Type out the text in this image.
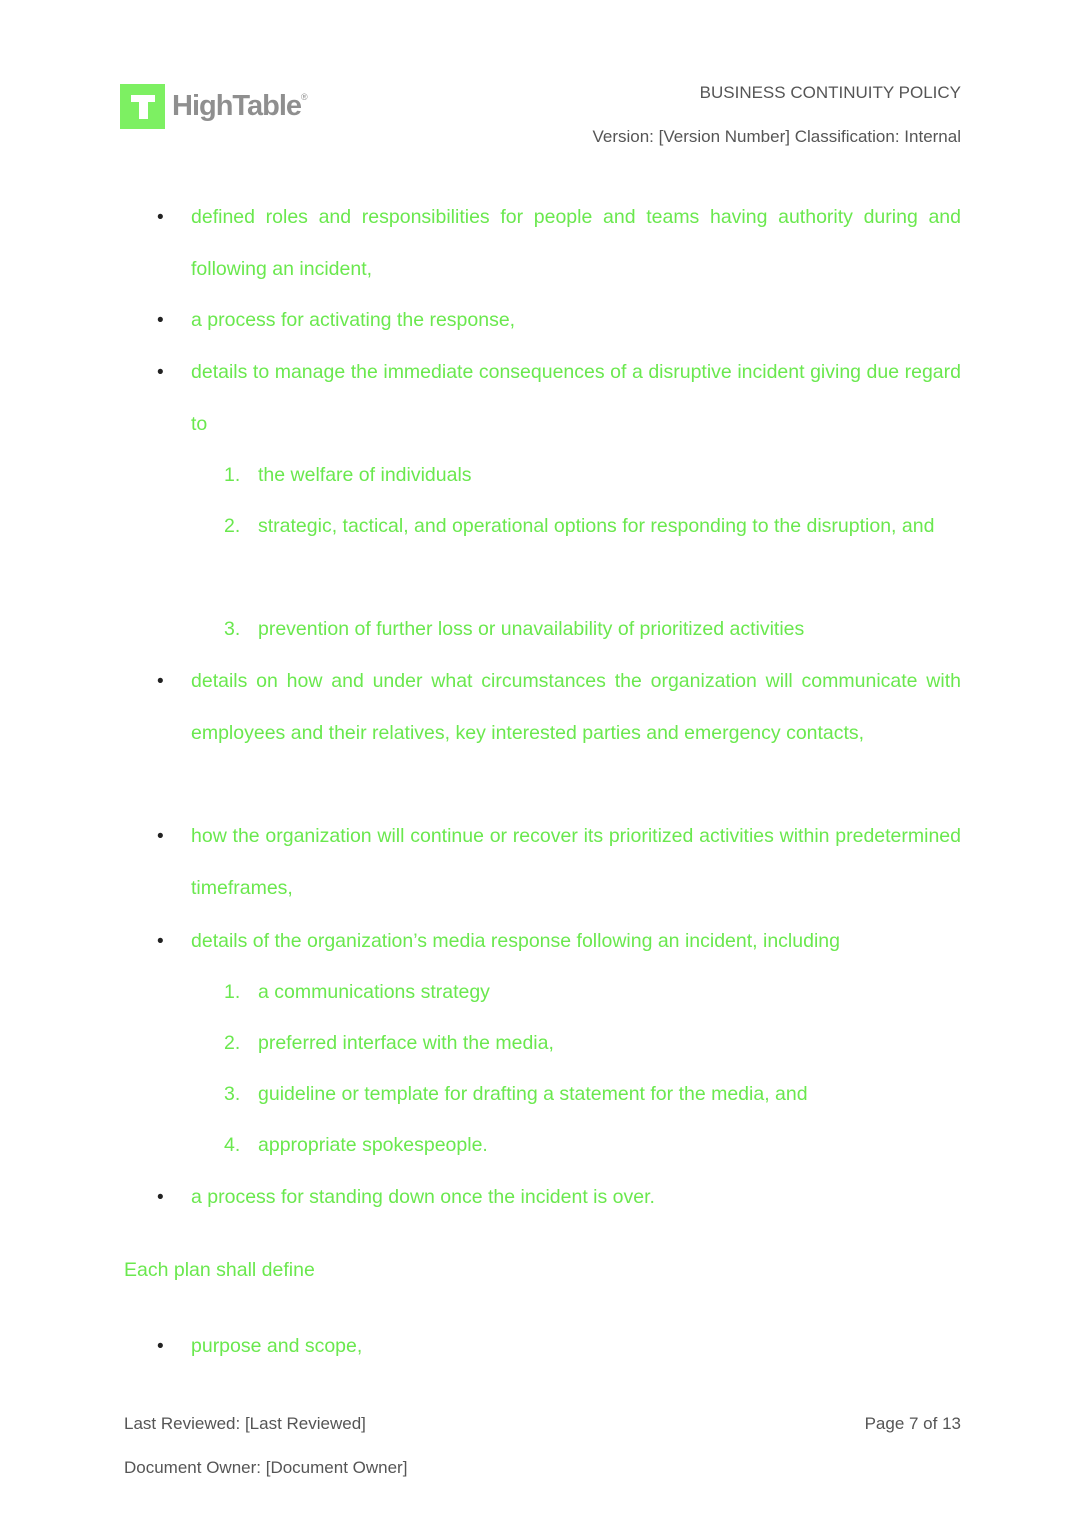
HighTable®	BUSINESS CONTINUITY POLICY
Version: [Version Number] Classification: Internal
• defined roles and responsibilities for people and teams having authority during and following an incident,
• a process for activating the response,
• details to manage the immediate consequences of a disruptive incident giving due regard to
1. the welfare of individuals
2. strategic, tactical, and operational options for responding to the disruption, and
3. prevention of further loss or unavailability of prioritized activities
• details on how and under what circumstances the organization will communicate with employees and their relatives, key interested parties and emergency contacts,
• how the organization will continue or recover its prioritized activities within predetermined timeframes,
• details of the organization’s media response following an incident, including
1. a communications strategy
2. preferred interface with the media,
3. guideline or template for drafting a statement for the media, and
4. appropriate spokespeople.
• a process for standing down once the incident is over.
Each plan shall define
• purpose and scope,
Last Reviewed: [Last Reviewed]	Page 7 of 13
Document Owner: [Document Owner]
